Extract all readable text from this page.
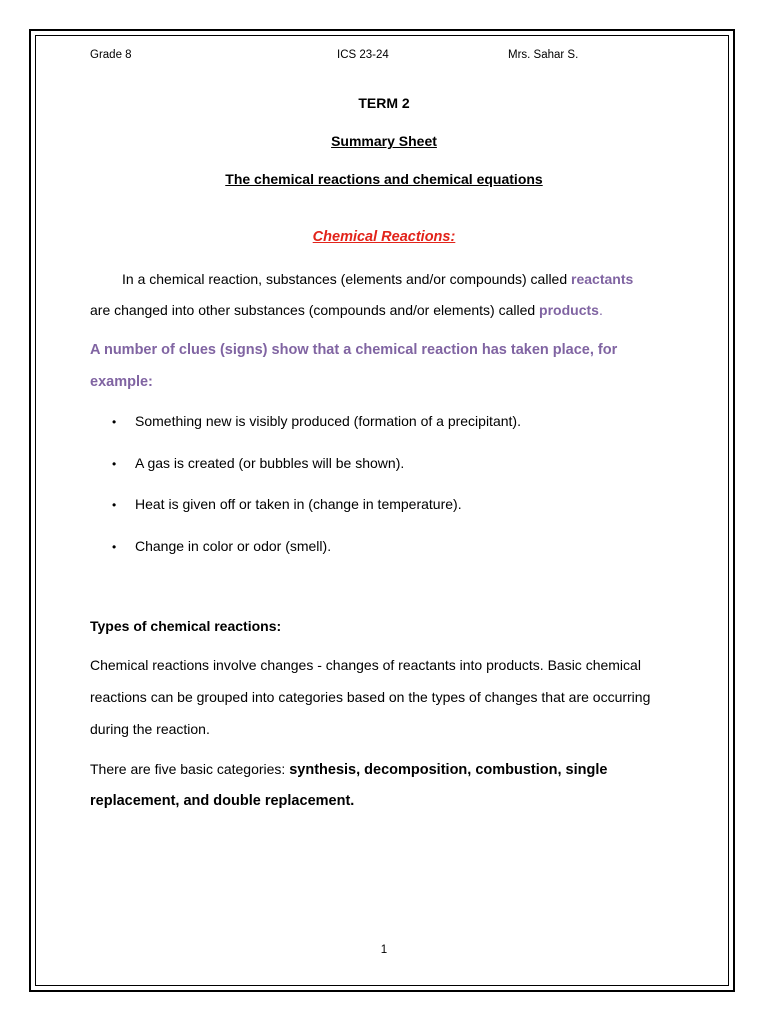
Grade 8	ICS 23-24	Mrs. Sahar S.
TERM 2
Summary Sheet
The chemical reactions and chemical equations
Chemical Reactions:
In a chemical reaction, substances (elements and/or compounds) called reactants
are changed into other substances (compounds and/or elements) called products.
A number of clues (signs) show that a chemical reaction has taken place, for
example:
• Something new is visibly produced (formation of a precipitant).
• A gas is created (or bubbles will be shown).
• Heat is given off or taken in (change in temperature).
• Change in color or odor (smell).
Types of chemical reactions:
Chemical reactions involve changes - changes of reactants into products. Basic chemical
reactions can be grouped into categories based on the types of changes that are occurring
during the reaction.
There are five basic categories: synthesis, decomposition, combustion, single
replacement, and double replacement.
1
